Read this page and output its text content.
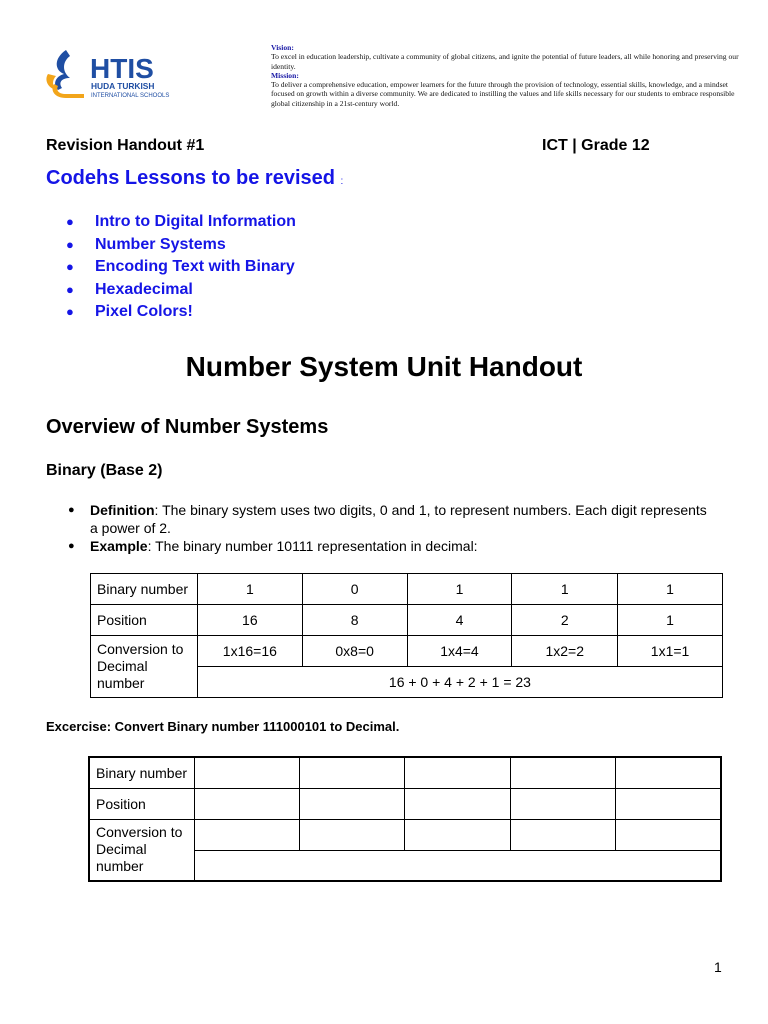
HTIS
HUDA TURKISH
INTERNATIONAL SCHOOLS

Vision:

To excel in education leadership, cultivate a community of global citizens, and ignite the potential of future leaders, all while honoring and preserving our identity.

Mission:

To deliver a comprehensive education, empower learners for the future through the provision of technology, essential skills, knowledge, and a mindset focused on growth within a diverse community. We are dedicated to instilling the values and life skills necessary for our students to embrace responsible global citizenship in a 21st-century world.

Revision Handout #1	ICT | Grade 12
Codehs Lessons to be revised :
● Intro to Digital Information
● Number Systems
● Encoding Text with Binary
● Hexadecimal
● Pixel Colors!
Number System Unit Handout
Overview of Number Systems
Binary (Base 2)
● Definition: The binary system uses two digits, 0 and 1, to represent numbers. Each digit represents a power of 2.
● Example: The binary number 10111 representation in decimal:
Binary number	1	0	1	1	1
Position	16	8	4	2	1
Conversion to Decimal number	1x16=16	0x8=0	1x4=4	1x2=2	1x1=1
	16 + 0 + 4 + 2 + 1 = 23				
Excercise: Convert Binary number 111000101 to Decimal.
Binary number					
Position					
Conversion to Decimal number					

1
